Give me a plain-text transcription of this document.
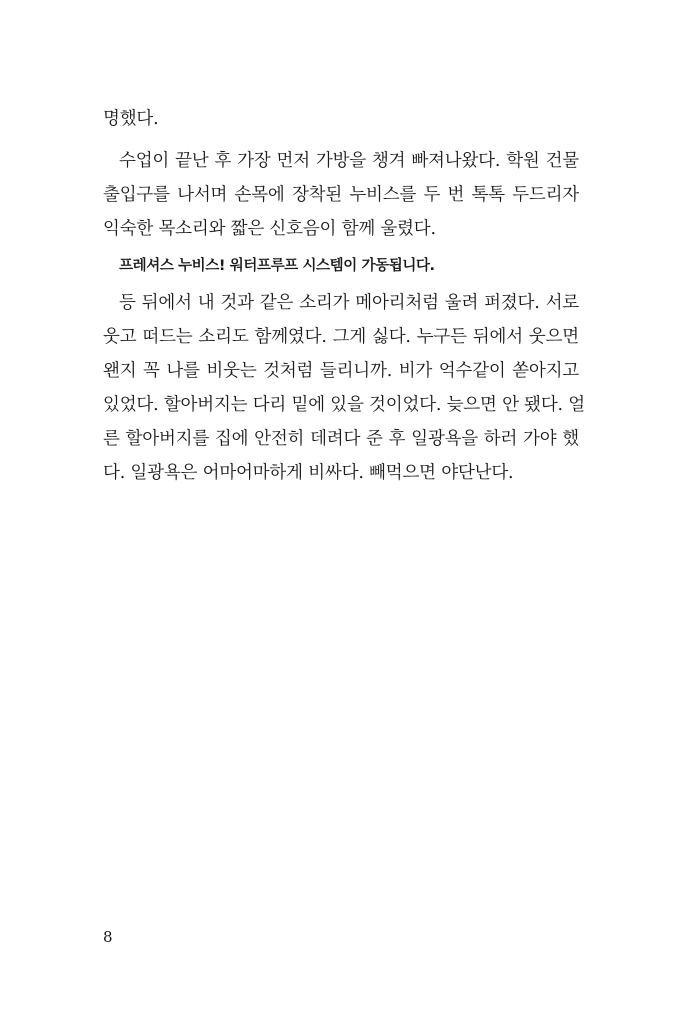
명했다.
수업이 끝난 후 가장 먼저 가방을 챙겨 빠져나왔다. 학원 건물
출입구를 나서며 손목에 장착된 누비스를 두 번 톡톡 두드리자
익숙한 목소리와 짧은 신호음이 함께 울렸다.
프레셔스 누비스! 워터프루프 시스템이 가동됩니다.
등 뒤에서 내 것과 같은 소리가 메아리처럼 울려 퍼졌다. 서로
웃고 떠드는 소리도 함께였다. 그게 싫다. 누구든 뒤에서 웃으면
왠지 꼭 나를 비웃는 것처럼 들리니까. 비가 억수같이 쏟아지고
있었다. 할아버지는 다리 밑에 있을 것이었다. 늦으면 안 됐다. 얼
른 할아버지를 집에 안전히 데려다 준 후 일광욕을 하러 가야 했
다. 일광욕은 어마어마하게 비싸다. 빼먹으면 야단난다.
8
